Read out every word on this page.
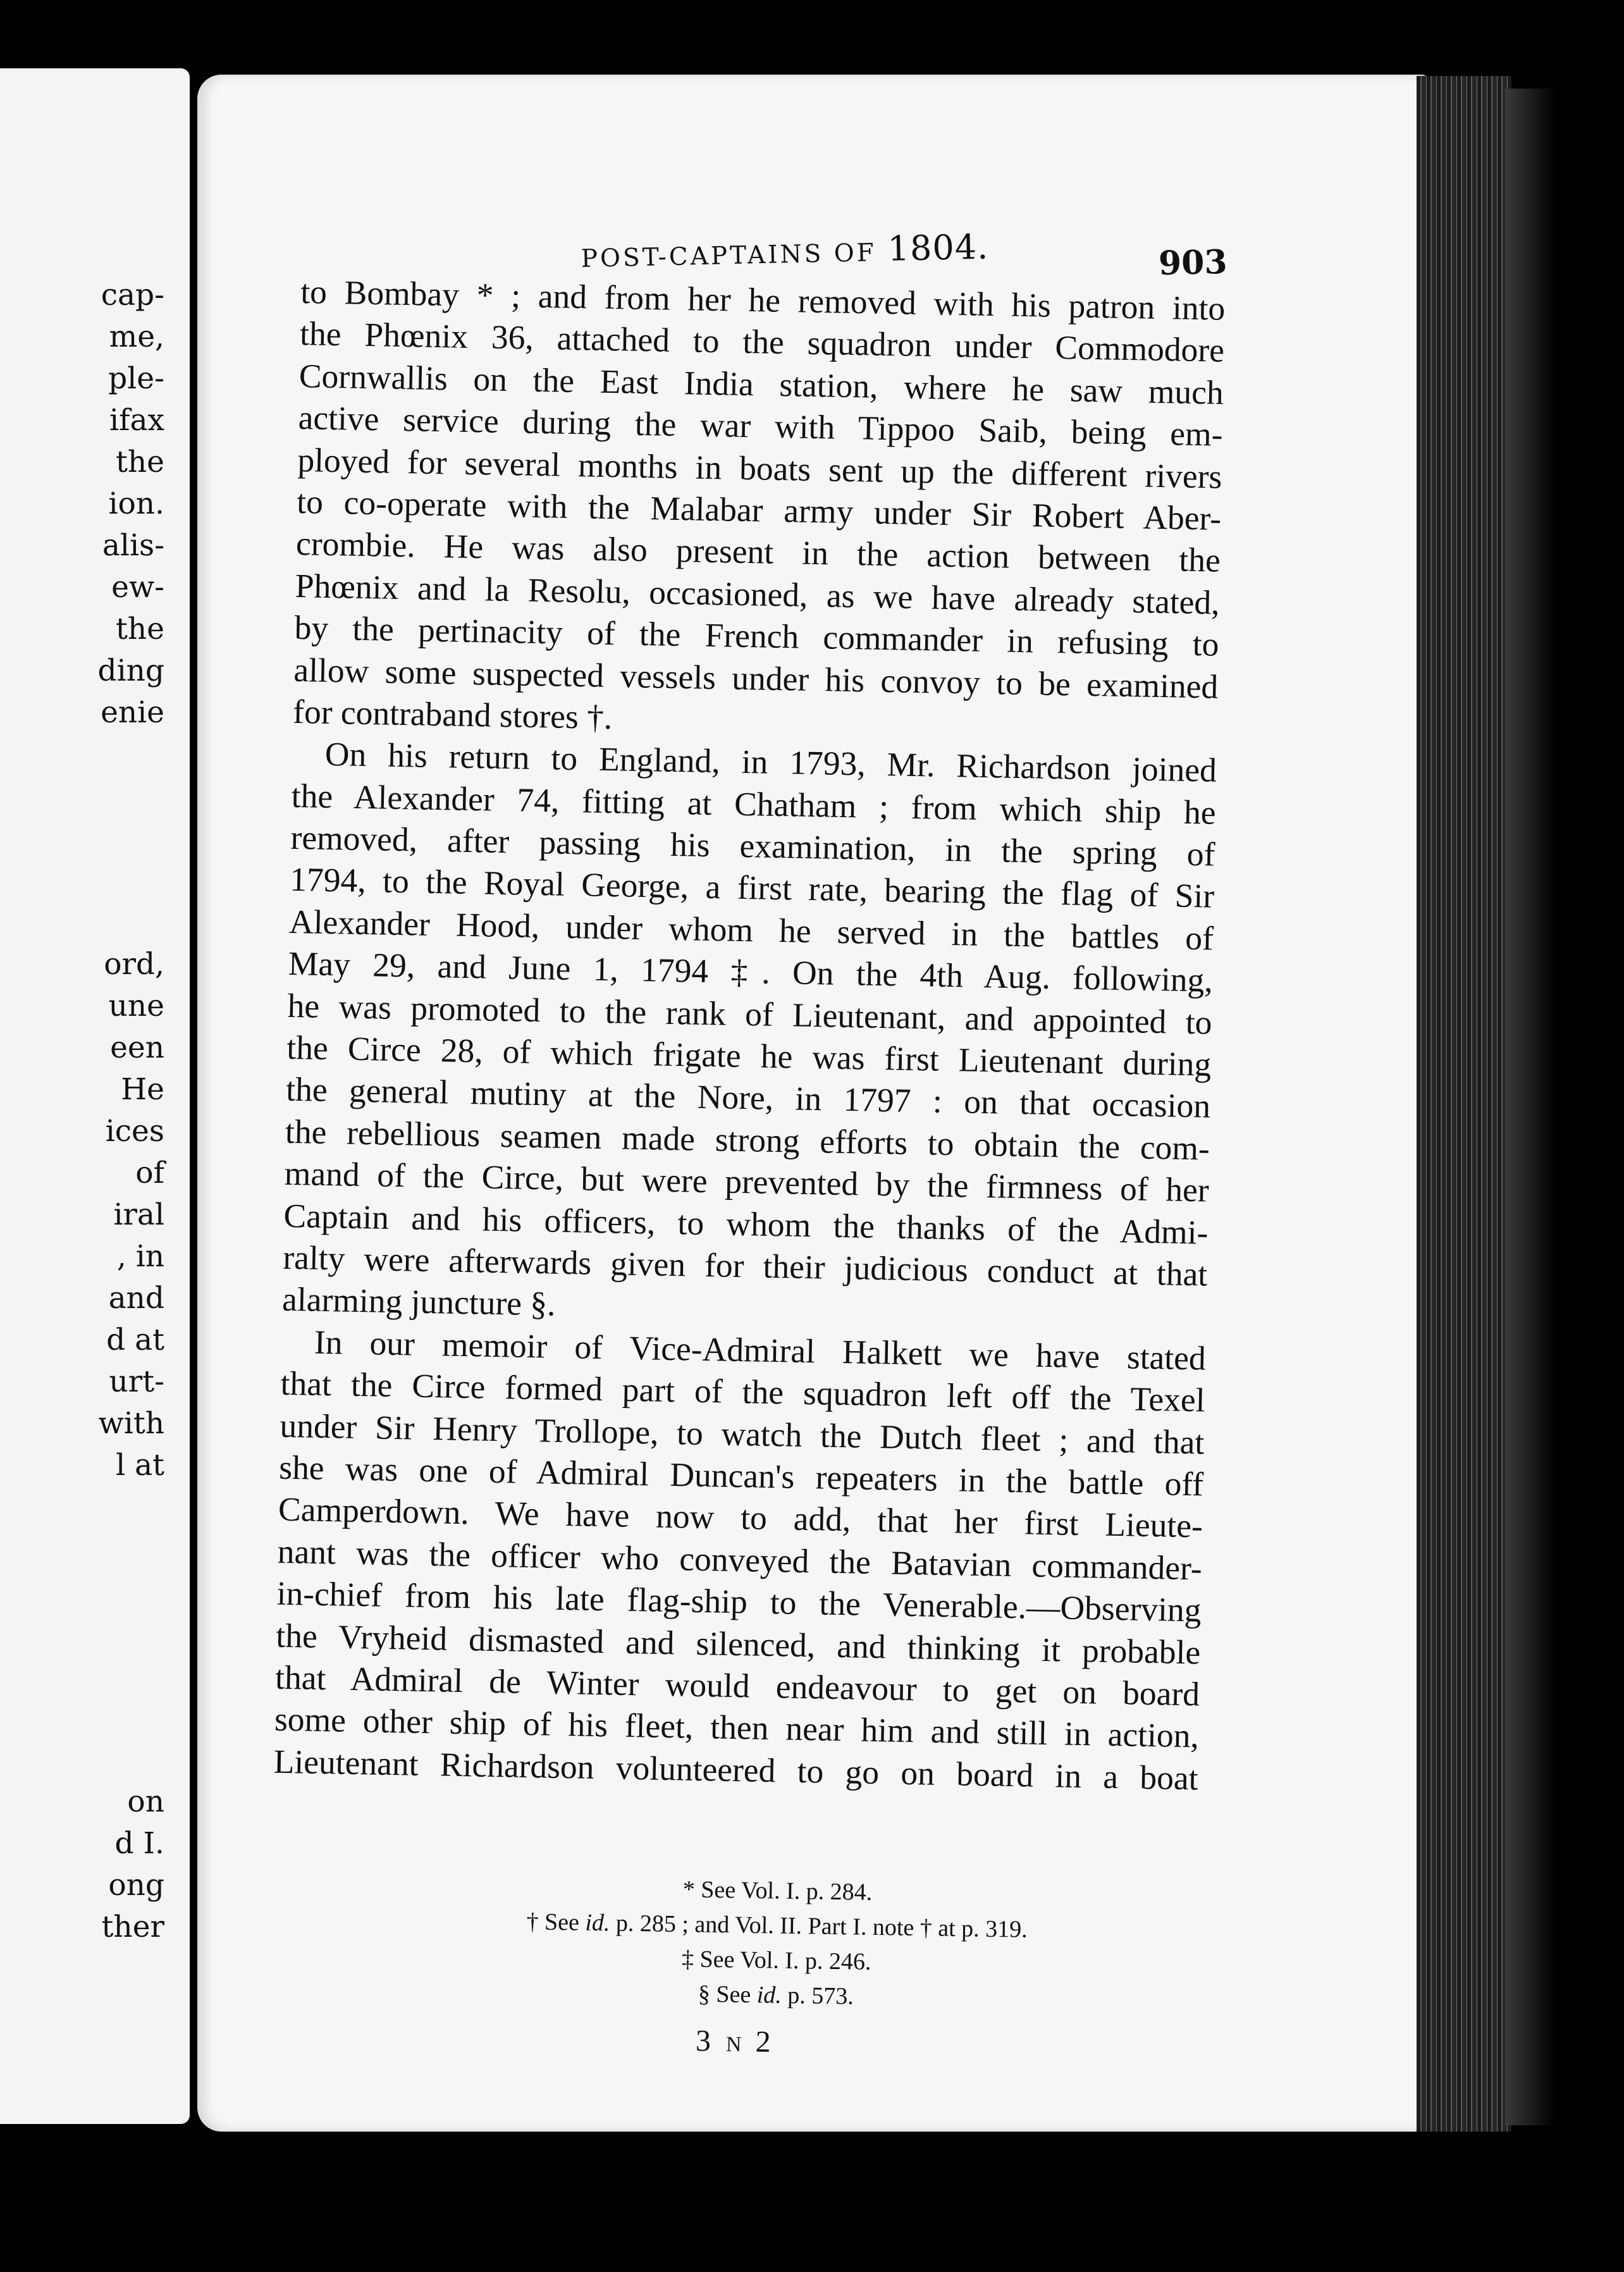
cap-
me,
ple-
ifax
the
ion.
alis-
ew-
the
ding
enie
ord,
une
een
He
ices
of
iral
, in
and
d at
urt-
with
l at
on
d I.
ong
ther
POST-CAPTAINS OF 1804.	903
to Bombay * ; and from her he removed with his patron into
the Phœnix 36, attached to the squadron under Commodore
Cornwallis on the East India station, where he saw much
active service during the war with Tippoo Saib, being em-
ployed for several months in boats sent up the different rivers
to co-operate with the Malabar army under Sir Robert Aber-
crombie. He was also present in the action between the
Phœnix and la Resolu, occasioned, as we have already stated,
by the pertinacity of the French commander in refusing to
allow some suspected vessels under his convoy to be examined
for contraband stores †.
On his return to England, in 1793, Mr. Richardson joined
the Alexander 74, fitting at Chatham ; from which ship he
removed, after passing his examination, in the spring of
1794, to the Royal George, a first rate, bearing the flag of Sir
Alexander Hood, under whom he served in the battles of
May 29, and June 1, 1794 ‡. On the 4th Aug. following,
he was promoted to the rank of Lieutenant, and appointed to
the Circe 28, of which frigate he was first Lieutenant during
the general mutiny at the Nore, in 1797 : on that occasion
the rebellious seamen made strong efforts to obtain the com-
mand of the Circe, but were prevented by the firmness of her
Captain and his officers, to whom the thanks of the Admi-
ralty were afterwards given for their judicious conduct at that
alarming juncture §.
In our memoir of Vice-Admiral Halkett we have stated
that the Circe formed part of the squadron left off the Texel
under Sir Henry Trollope, to watch the Dutch fleet ; and that
she was one of Admiral Duncan's repeaters in the battle off
Camperdown. We have now to add, that her first Lieute-
nant was the officer who conveyed the Batavian commander-
in-chief from his late flag-ship to the Venerable.—Observing
the Vryheid dismasted and silenced, and thinking it probable
that Admiral de Winter would endeavour to get on board
some other ship of his fleet, then near him and still in action,
Lieutenant Richardson volunteered to go on board in a boat
* See Vol. I. p. 284.
† See id. p. 285 ; and Vol. II. Part I. note † at p. 319.
‡ See Vol. I. p. 246.
§ See id. p. 573.
3 N 2
